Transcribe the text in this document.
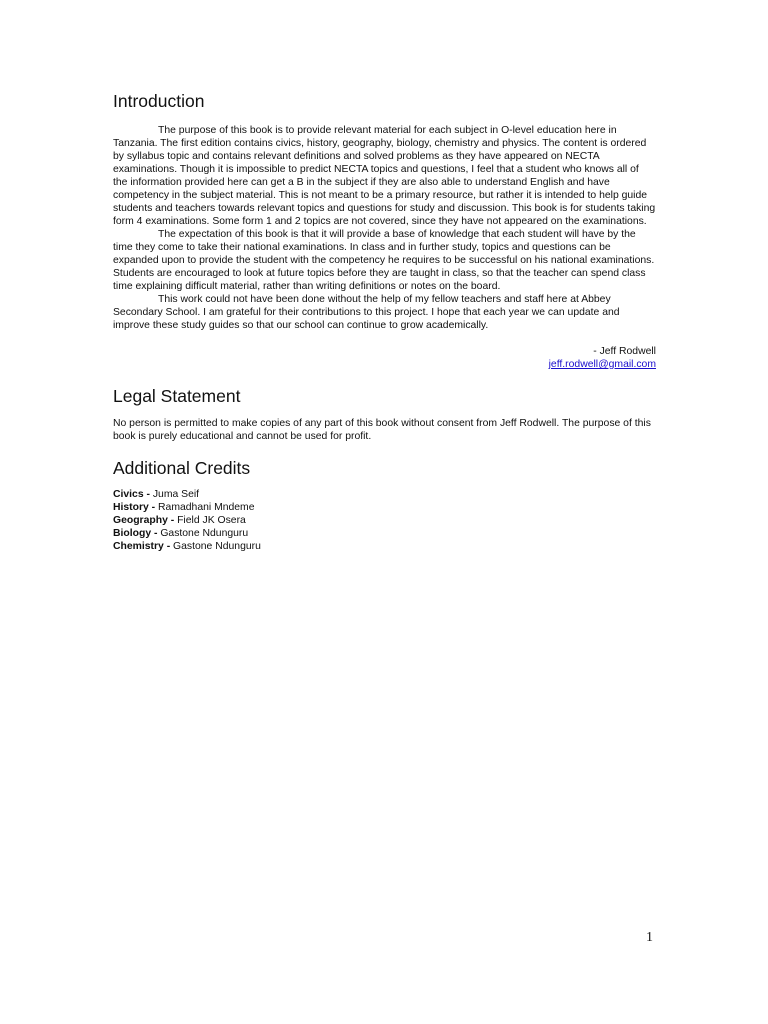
Introduction

The purpose of this book is to provide relevant material for each subject in O-level education here in Tanzania. The first edition contains civics, history, geography, biology, chemistry and physics. The content is ordered by syllabus topic and contains relevant definitions and solved problems as they have appeared on NECTA examinations. Though it is impossible to predict NECTA topics and questions, I feel that a student who knows all of the information provided here can get a B in the subject if they are also able to understand English and have competency in the subject material. This is not meant to be a primary resource, but rather it is intended to help guide students and teachers towards relevant topics and questions for study and discussion. This book is for students taking form 4 examinations. Some form 1 and 2 topics are not covered, since they have not appeared on the examinations.

The expectation of this book is that it will provide a base of knowledge that each student will have by the time they come to take their national examinations. In class and in further study, topics and questions can be expanded upon to provide the student with the competency he requires to be successful on his national examinations. Students are encouraged to look at future topics before they are taught in class, so that the teacher can spend class time explaining difficult material, rather than writing definitions or notes on the board.

This work could not have been done without the help of my fellow teachers and staff here at Abbey Secondary School. I am grateful for their contributions to this project. I hope that each year we can update and improve these study guides so that our school can continue to grow academically.

- Jeff Rodwell
jeff.rodwell@gmail.com
Legal Statement

No person is permitted to make copies of any part of this book without consent from Jeff Rodwell. The purpose of this book is purely educational and cannot be used for profit.

Additional Credits

Civics - Juma Seif

History - Ramadhani Mndeme

Geography - Field JK Osera

Biology - Gastone Ndunguru

Chemistry - Gastone Ndunguru

1
